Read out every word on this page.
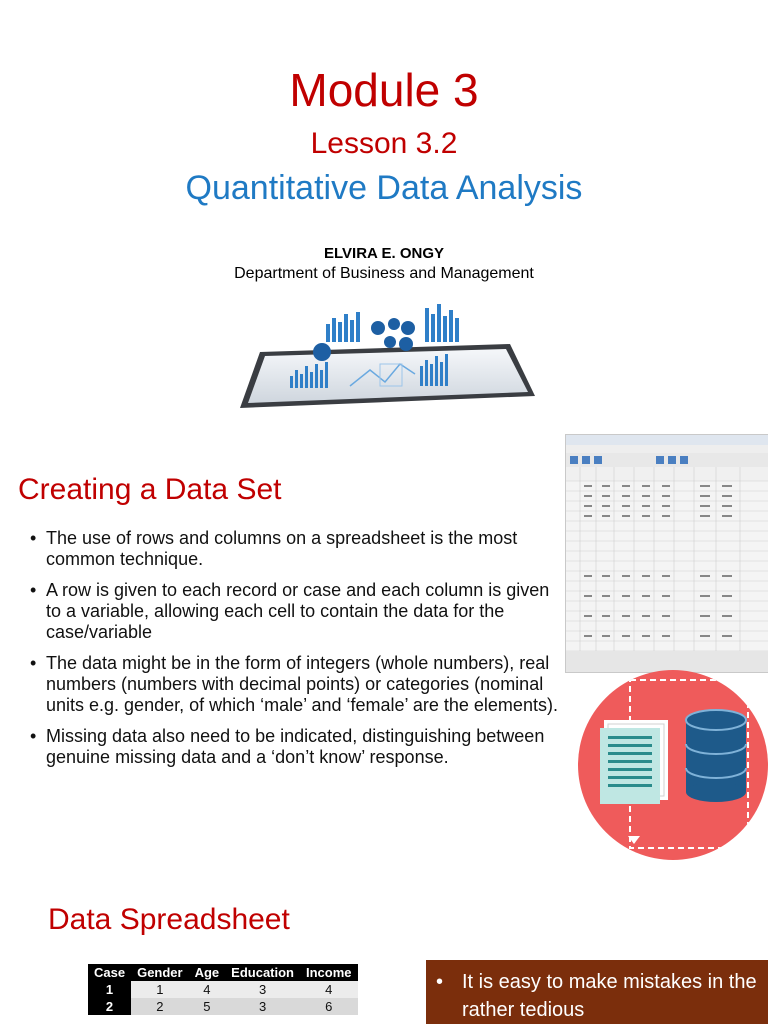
Module 3
Lesson 3.2
Quantitative Data Analysis
ELVIRA E. ONGY
Department of Business and Management
Creating a Data Set
• The use of rows and columns on a spreadsheet is the most common technique.
• A row is given to each record or case and each column is given to a variable, allowing each cell to contain the data for the case/variable
• The data might be in the form of integers (whole numbers), real numbers (numbers with decimal points) or categories (nominal units e.g. gender, of which ‘male’ and ‘female’ are the elements).
• Missing data also need to be indicated, distinguishing between genuine missing data and a ‘don’t know’ response.
Data Spreadsheet
Case	Gender	Age	Education	Income
1	1	4	3	4
2	2	5	3	6
• It is easy to make mistakes in the rather tedious
